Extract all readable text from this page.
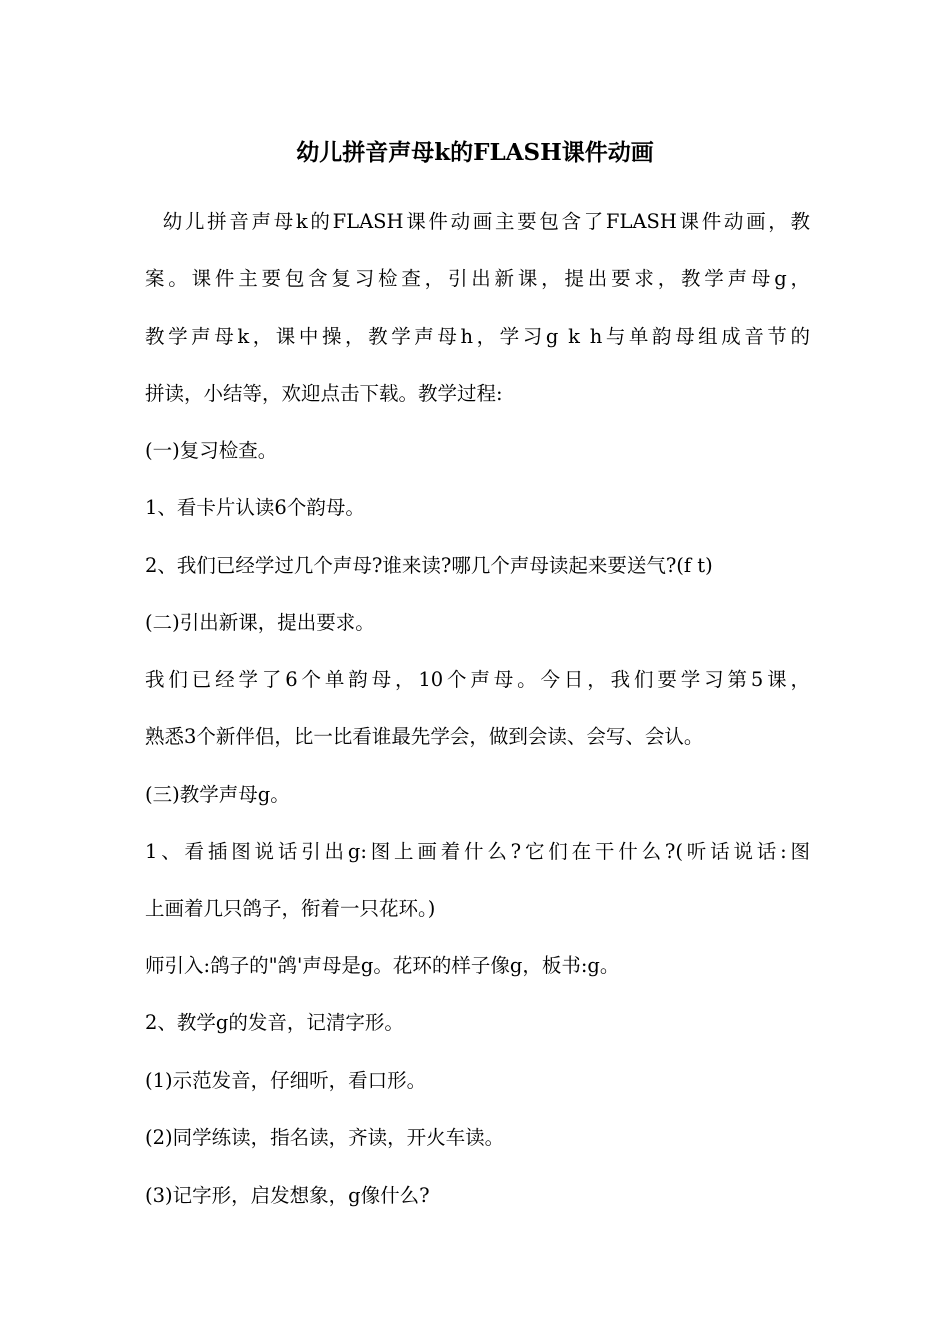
幼儿拼音声母k的FLASH课件动画
幼儿拼音声母k的FLASH课件动画主要包含了FLASH课件动画，教
案。课件主要包含复习检查，引出新课，提出要求，教学声母g，
教学声母k，课中操，教学声母h，学习g k h与单韵母组成音节的
拼读，小结等，欢迎点击下载。教学过程:
(一)复习检查。
1、看卡片认读6个韵母。
2、我们已经学过几个声母?谁来读?哪几个声母读起来要送气?(f t)
(二)引出新课，提出要求。
我们已经学了6个单韵母，10个声母。今日，我们要学习第5课，
熟悉3个新伴侣，比一比看谁最先学会，做到会读、会写、会认。
(三)教学声母g。
1、看插图说话引出g:图上画着什么?它们在干什么?(听话说话:图
上画着几只鸽子，衔着一只花环。)
师引入:鸽子的"鸽'声母是g。花环的样子像g，板书:g。
2、教学g的发音，记清字形。
(1)示范发音，仔细听，看口形。
(2)同学练读，指名读，齐读，开火车读。
(3)记字形，启发想象，g像什么?
